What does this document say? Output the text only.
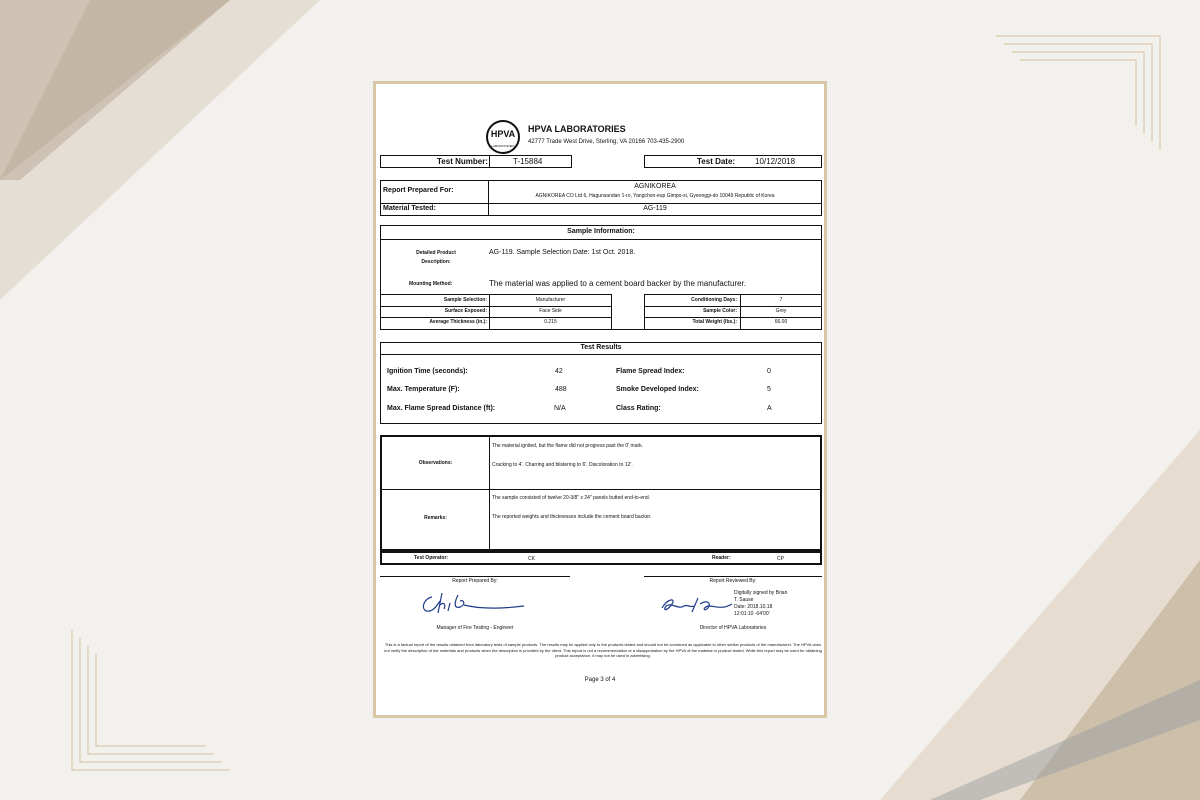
HPVA
LABORATORIES
HPVA LABORATORIES
42777 Trade West Drive, Sterling, VA 20166 703-435-2900
Test Number:	T-15884	Test Date: 10/12/2018
Report Prepared For:
AGNIKOREA
AGNIKOREA CO Ltd 6, Hagunsandan 1-ro, Yangchon-eup Gimpo-si, Gyeonggi-do 10049 Republic of Korea
Material Tested:	AG-119
Sample Information:
Detailed Product
Description:
AG-119. Sample Selection Date: 1st Oct. 2018.
Mounting Method:	The material was applied to a cement board backer by the manufacturer.
Sample Selection:	Manufacturer
Surface Exposed:	Face Side
Average Thickness (in.):	0.215
Conditioning Days:	7
Sample Color:	Grey
Total Weight (lbs.):	66.00
Test Results
Ignition Time (seconds):	42
Max. Temperature (F):	488
Max. Flame Spread Distance (ft):	N/A
Flame Spread Index:	0
Smoke Developed Index:	5
Class Rating:	A
Observations:
The material ignited, but the flame did not progress past the 0' mark.
Cracking to 4'. Charring and blistering to 6'. Discoloration to 12'.
Remarks:
The sample consisted of twelve 20-3/8" x 24" panels butted end-to-end.
The reported weights and thicknesses include the cement board backer.
Test Operator:	CK	Reader:	CP
Report Prepared By:
Manager of Fire Testing - Engineer
Report Reviewed By:
Digitally signed by Brian
T. Sause
Date: 2018.10.18
12:01:10 -04'00'
Director of HPVA Laboratories
This is a factual report of the results obtained from laboratory tests of sample products. The results may be applied only to the products tested and should not be construed as applicable to other similar products of the manufacturer. The HPVA does not verify the description of the materials and products when the description is provided by the client. This report is not a recommendation or a disapprobation by the HPVA of the material or product tested. While this report may be used for obtaining product acceptance, it may not be used in advertising.
Page 3 of 4
